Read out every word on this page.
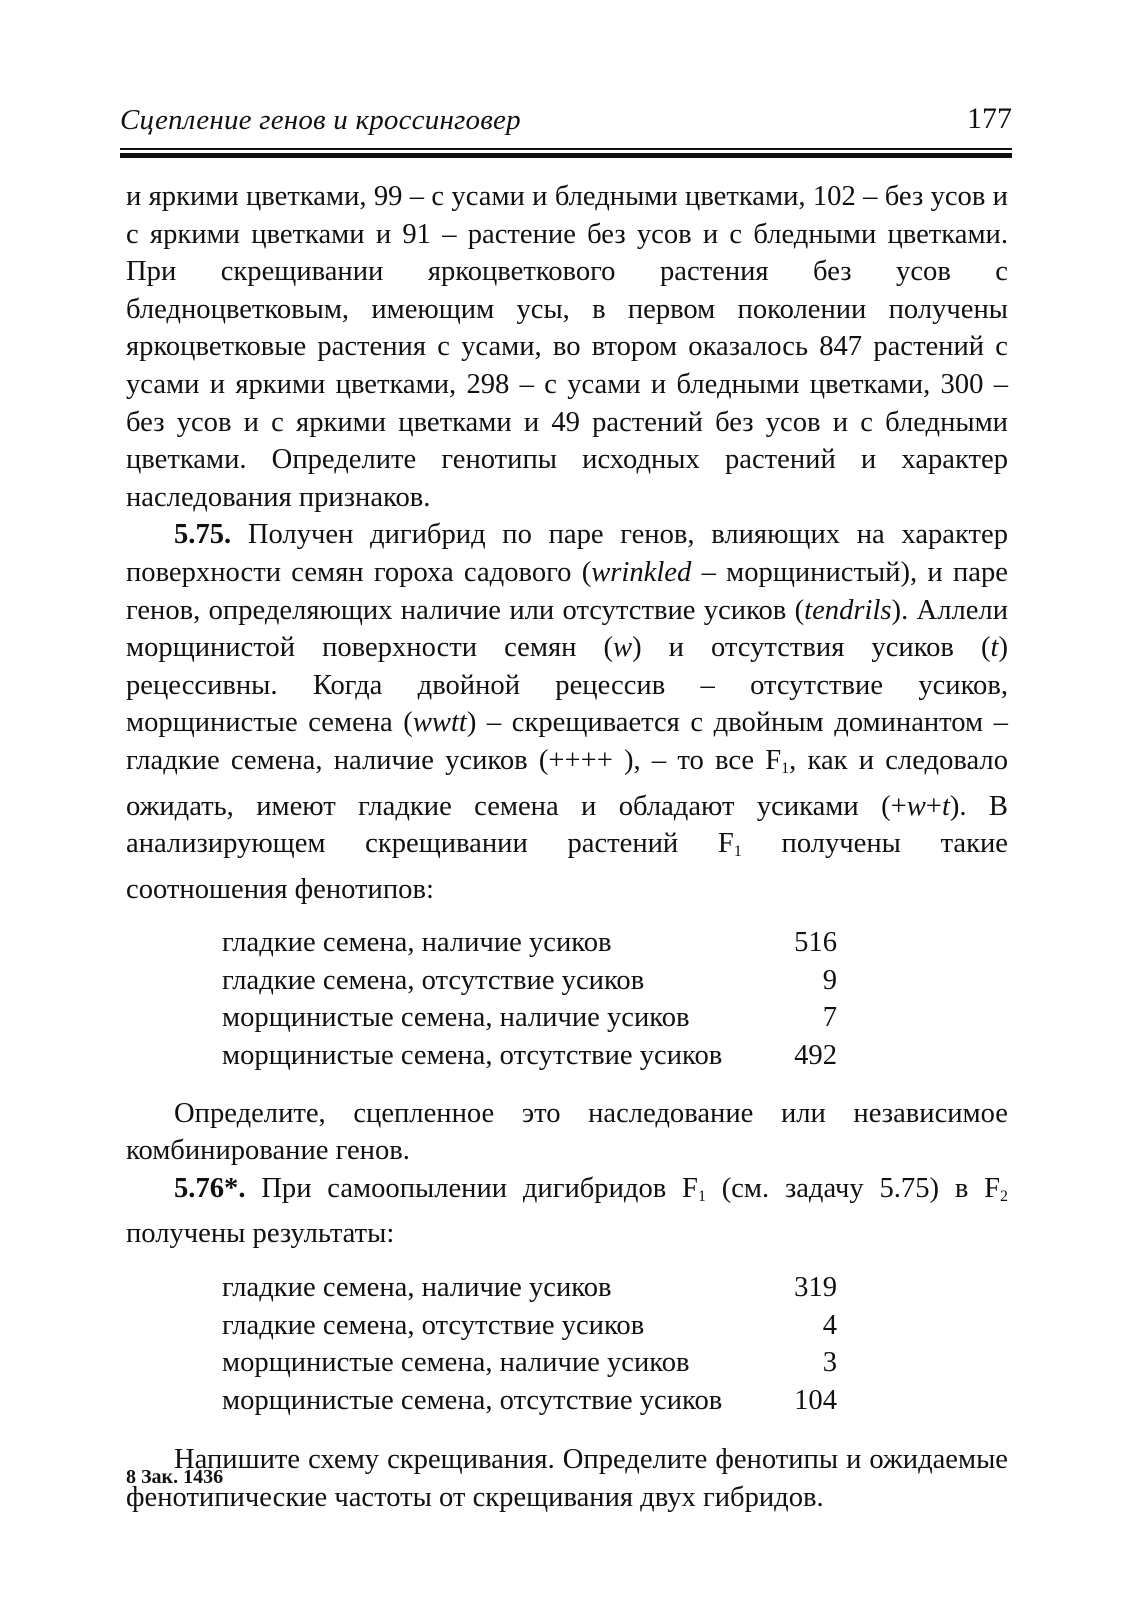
Сцепление генов и кроссинговер	177

и яркими цветками, 99 – с усами и бледными цветками, 102 – без усов и с яркими цветками и 91 – растение без усов и с бледными цветками. При скрещивании яркоцветкового растения без усов с бледноцветковым, имеющим усы, в первом поколении получены яркоцветковые растения с усами, во втором оказалось 847 растений с усами и яркими цветками, 298 – с усами и бледными цветками, 300 – без усов и с яркими цветками и 49 растений без усов и с бледными цветками. Определите генотипы исходных растений и характер наследования признаков.

5.75. Получен дигибрид по паре генов, влияющих на характер поверхности семян гороха садового (wrinkled – морщинистый), и паре генов, определяющих наличие или отсутствие усиков (tendrils). Аллели морщинистой поверхности семян (w) и отсутствия усиков (t) рецессивны. Когда двойной рецессив – отсутствие усиков, морщинистые семена (wwtt) – скрещивается с двойным доминантом – гладкие семена, наличие усиков (++++ ), – то все F1, как и следовало ожидать, имеют гладкие семена и обладают усиками (+w+t). В анализирующем скрещивании растений F1 получены такие соотношения фенотипов:

гладкие семена, наличие усиков	516
гладкие семена, отсутствие усиков	9
морщинистые семена, наличие усиков	7
морщинистые семена, отсутствие усиков	492

Определите, сцепленное это наследование или независимое комбинирование генов.

5.76*. При самоопылении дигибридов F1 (см. задачу 5.75) в F2 получены результаты:

гладкие семена, наличие усиков	319
гладкие семена, отсутствие усиков	4
морщинистые семена, наличие усиков	3
морщинистые семена, отсутствие усиков	104

Напишите схему скрещивания. Определите фенотипы и ожидаемые фенотипические частоты от скрещивания двух гибридов.

8 Зак. 1436
